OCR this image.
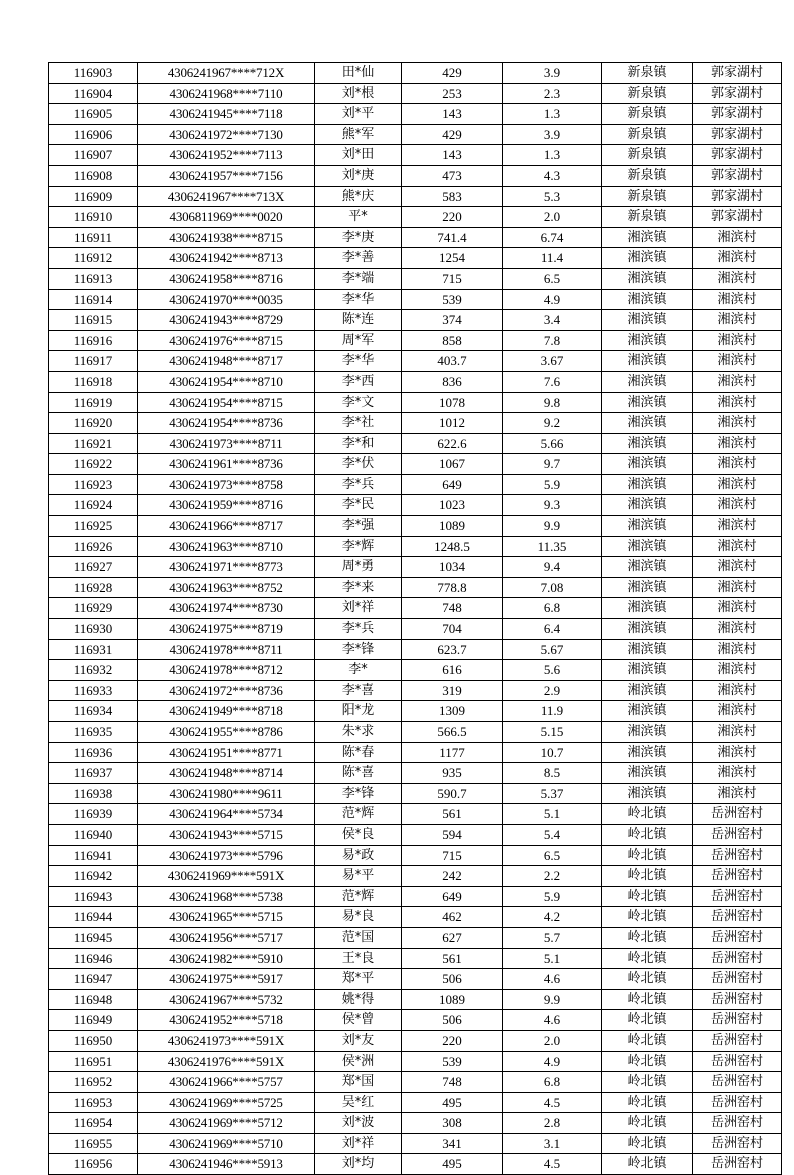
116903	4306241967****712X	田*仙	429	3.9	新泉镇	郭家湖村
116904	4306241968****7110	刘*根	253	2.3	新泉镇	郭家湖村
116905	4306241945****7118	刘*平	143	1.3	新泉镇	郭家湖村
116906	4306241972****7130	熊*军	429	3.9	新泉镇	郭家湖村
116907	4306241952****7113	刘*田	143	1.3	新泉镇	郭家湖村
116908	4306241957****7156	刘*庚	473	4.3	新泉镇	郭家湖村
116909	4306241967****713X	熊*庆	583	5.3	新泉镇	郭家湖村
116910	4306811969****0020	平*	220	2.0	新泉镇	郭家湖村
116911	4306241938****8715	李*庚	741.4	6.74	湘滨镇	湘滨村
116912	4306241942****8713	李*善	1254	11.4	湘滨镇	湘滨村
116913	4306241958****8716	李*端	715	6.5	湘滨镇	湘滨村
116914	4306241970****0035	李*华	539	4.9	湘滨镇	湘滨村
116915	4306241943****8729	陈*连	374	3.4	湘滨镇	湘滨村
116916	4306241976****8715	周*军	858	7.8	湘滨镇	湘滨村
116917	4306241948****8717	李*华	403.7	3.67	湘滨镇	湘滨村
116918	4306241954****8710	李*西	836	7.6	湘滨镇	湘滨村
116919	4306241954****8715	李*文	1078	9.8	湘滨镇	湘滨村
116920	4306241954****8736	李*社	1012	9.2	湘滨镇	湘滨村
116921	4306241973****8711	李*和	622.6	5.66	湘滨镇	湘滨村
116922	4306241961****8736	李*伏	1067	9.7	湘滨镇	湘滨村
116923	4306241973****8758	李*兵	649	5.9	湘滨镇	湘滨村
116924	4306241959****8716	李*民	1023	9.3	湘滨镇	湘滨村
116925	4306241966****8717	李*强	1089	9.9	湘滨镇	湘滨村
116926	4306241963****8710	李*辉	1248.5	11.35	湘滨镇	湘滨村
116927	4306241971****8773	周*勇	1034	9.4	湘滨镇	湘滨村
116928	4306241963****8752	李*来	778.8	7.08	湘滨镇	湘滨村
116929	4306241974****8730	刘*祥	748	6.8	湘滨镇	湘滨村
116930	4306241975****8719	李*兵	704	6.4	湘滨镇	湘滨村
116931	4306241978****8711	李*锋	623.7	5.67	湘滨镇	湘滨村
116932	4306241978****8712	李*	616	5.6	湘滨镇	湘滨村
116933	4306241972****8736	李*喜	319	2.9	湘滨镇	湘滨村
116934	4306241949****8718	阳*龙	1309	11.9	湘滨镇	湘滨村
116935	4306241955****8786	朱*求	566.5	5.15	湘滨镇	湘滨村
116936	4306241951****8771	陈*春	1177	10.7	湘滨镇	湘滨村
116937	4306241948****8714	陈*喜	935	8.5	湘滨镇	湘滨村
116938	4306241980****9611	李*锋	590.7	5.37	湘滨镇	湘滨村
116939	4306241964****5734	范*辉	561	5.1	岭北镇	岳洲窑村
116940	4306241943****5715	侯*良	594	5.4	岭北镇	岳洲窑村
116941	4306241973****5796	易*政	715	6.5	岭北镇	岳洲窑村
116942	4306241969****591X	易*平	242	2.2	岭北镇	岳洲窑村
116943	4306241968****5738	范*辉	649	5.9	岭北镇	岳洲窑村
116944	4306241965****5715	易*良	462	4.2	岭北镇	岳洲窑村
116945	4306241956****5717	范*国	627	5.7	岭北镇	岳洲窑村
116946	4306241982****5910	王*良	561	5.1	岭北镇	岳洲窑村
116947	4306241975****5917	郑*平	506	4.6	岭北镇	岳洲窑村
116948	4306241967****5732	姚*得	1089	9.9	岭北镇	岳洲窑村
116949	4306241952****5718	侯*曾	506	4.6	岭北镇	岳洲窑村
116950	4306241973****591X	刘*友	220	2.0	岭北镇	岳洲窑村
116951	4306241976****591X	侯*洲	539	4.9	岭北镇	岳洲窑村
116952	4306241966****5757	郑*国	748	6.8	岭北镇	岳洲窑村
116953	4306241969****5725	吴*红	495	4.5	岭北镇	岳洲窑村
116954	4306241969****5712	刘*波	308	2.8	岭北镇	岳洲窑村
116955	4306241969****5710	刘*祥	341	3.1	岭北镇	岳洲窑村
116956	4306241946****5913	刘*均	495	4.5	岭北镇	岳洲窑村
